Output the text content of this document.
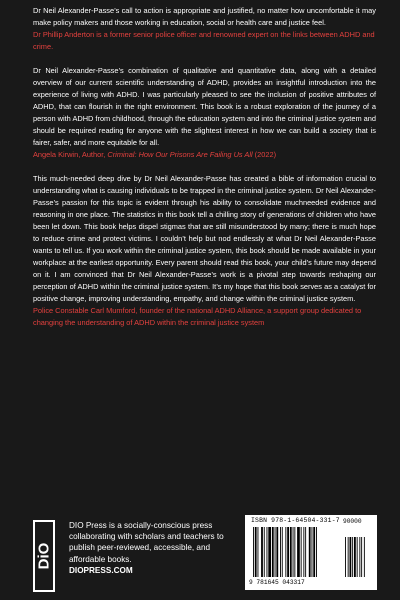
Dr Neil Alexander-Passe’s call to action is appropriate and justified, no matter how uncomfortable it may make policy makers and those working in education, social or health care and justice feel.

Dr Phillip Anderton is a former senior police officer and renowned expert on the links between ADHD and crime.

Dr Neil Alexander-Passe’s combination of qualitative and quantitative data, along with a detailed overview of our current scientific understanding of ADHD, provides an insightful introduction into the experience of living with ADHD. I was particularly pleased to see the inclusion of positive attributes of ADHD, that can flourish in the right environment. This book is a robust exploration of the journey of a person with ADHD from childhood, through the education system and into the criminal justice system and should be required reading for anyone with the slightest interest in how we can build a society that is fairer, safer, and more equitable for all.

Angela Kirwin, Author, Criminal: How Our Prisons Are Failing Us All (2022)

This much-needed deep dive by Dr Neil Alexander-Passe has created a bible of information crucial to understanding what is causing individuals to be trapped in the criminal justice system. Dr Neil Alexander-Passe’s passion for this topic is evident through his ability to consolidate muchneeded evidence and reasoning in one place. The statistics in this book tell a chilling story of generations of children who have been let down. This book helps dispel stigmas that are still misunderstood by many; there is much hope to reduce crime and protect victims. I couldn’t help but nod endlessly at what Dr Neil Alexander-Passe wants to tell us. If you work within the criminal justice system, this book should be made available in your workplace at the earliest opportunity. Every parent should read this book, your child’s future may depend on it. I am convinced that Dr Neil Alexander-Passe’s work is a pivotal step towards reshaping our perception of ADHD within the criminal justice system. It’s my hope that this book serves as a catalyst for positive change, improving understanding, empathy, and change within the criminal justice system.

Police Constable Carl Mumford, founder of the national ADHD Alliance, a support group dedicated to changing the understanding of ADHD within the criminal justice system

DiO
DIO Press is a socially-conscious press collaborating with scholars and teachers to publish peer-reviewed, accessible, and affordable books.
DIOPRESS.COM
ISBN 978-1-64504-331-7
9 781645 043317
90000
